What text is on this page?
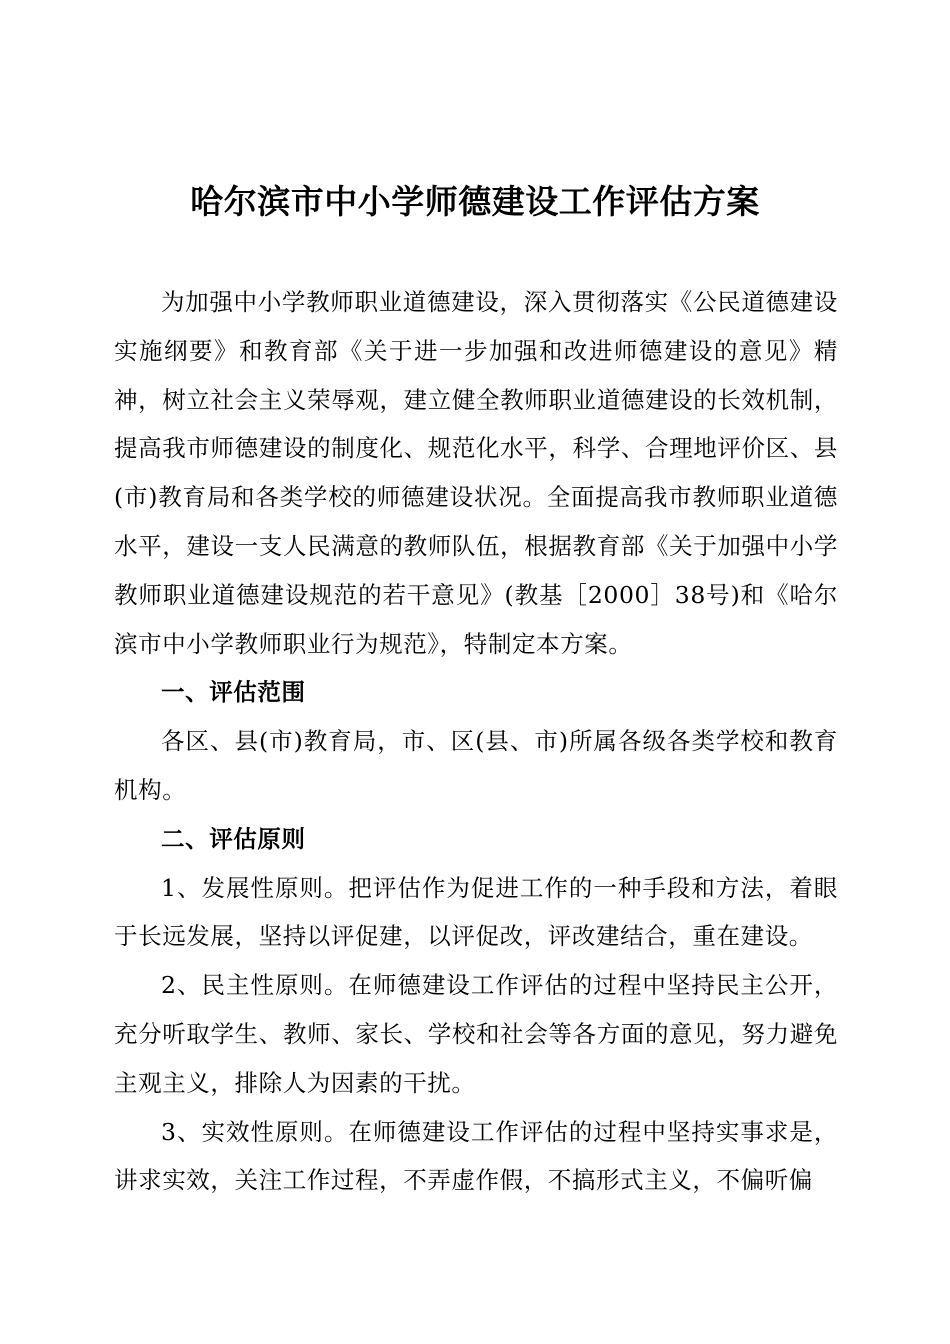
哈尔滨市中小学师德建设工作评估方案

为加强中小学教师职业道德建设，深入贯彻落实《公民道德建设实施纲要》和教育部《关于进一步加强和改进师德建设的意见》精神，树立社会主义荣辱观，建立健全教师职业道德建设的长效机制，提高我市师德建设的制度化、规范化水平，科学、合理地评价区、县(市)教育局和各类学校的师德建设状况。全面提高我市教师职业道德水平，建设一支人民满意的教师队伍，根据教育部《关于加强中小学教师职业道德建设规范的若干意见》(教基［2000］38号)和《哈尔滨市中小学教师职业行为规范》，特制定本方案。

一、评估范围

各区、县(市)教育局，市、区(县、市)所属各级各类学校和教育机构。

二、评估原则

1、发展性原则。把评估作为促进工作的一种手段和方法，着眼于长远发展，坚持以评促建，以评促改，评改建结合，重在建设。

2、民主性原则。在师德建设工作评估的过程中坚持民主公开，充分听取学生、教师、家长、学校和社会等各方面的意见，努力避免主观主义，排除人为因素的干扰。

3、实效性原则。在师德建设工作评估的过程中坚持实事求是，讲求实效，关注工作过程，不弄虚作假，不搞形式主义，不偏听偏
